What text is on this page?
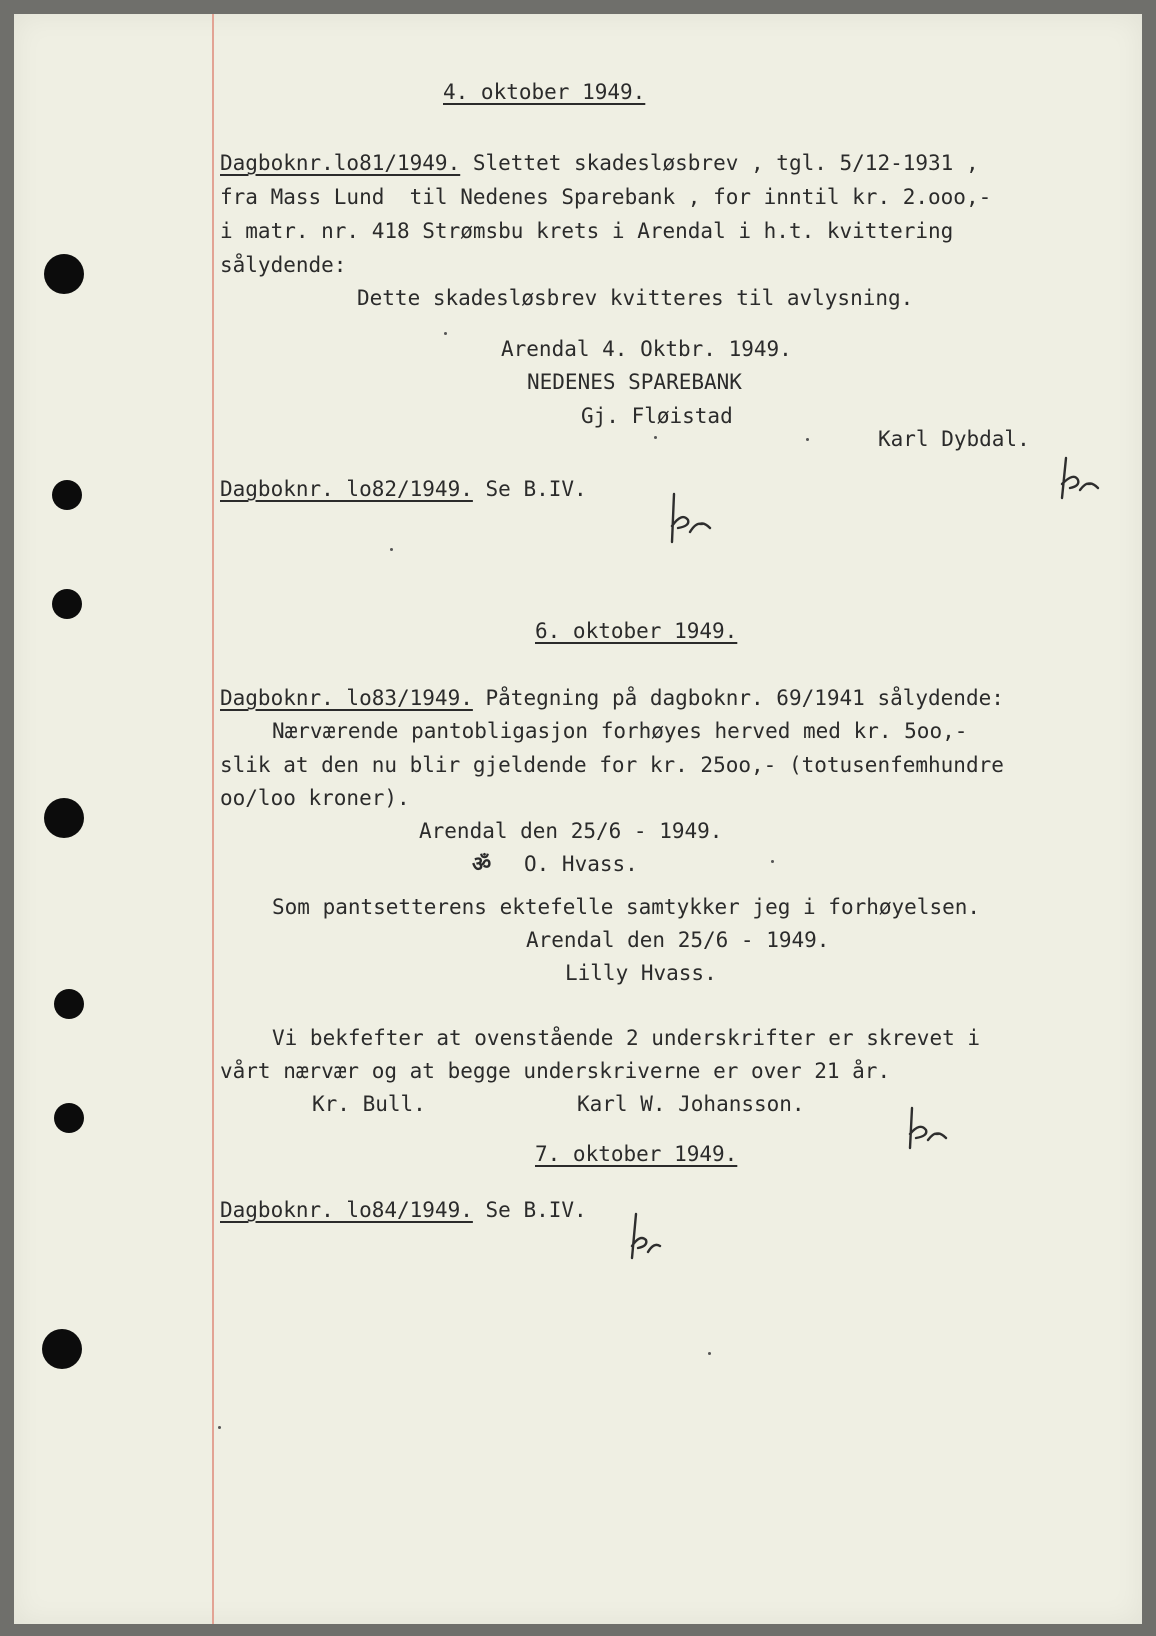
4. oktober 1949.
Dagboknr.lo81/1949. Slettet skadesløsbrev , tgl. 5/12-1931 ,
fra Mass Lund  til Nedenes Sparebank , for inntil kr. 2.ooo,-
i matr. nr. 418 Strømsbu krets i Arendal i h.t. kvittering
sålydende:
Dette skadesløsbrev kvitteres til avlysning.
Arendal 4. Oktbr. 1949.
NEDENES SPAREBANK
Gj. Fløistad
Karl Dybdal.
Dagboknr. lo82/1949. Se B.IV.
6. oktober 1949.
Dagboknr. lo83/1949. Påtegning på dagboknr. 69/1941 sålydende:
Nærværende pantobligasjon forhøyes herved med kr. 5oo,-
slik at den nu blir gjeldende for kr. 25oo,- (totusenfemhundre
oo/loo kroner).
Arendal den 25/6 - 1949.
ॐ O. Hvass.
Som pantsetterens ektefelle samtykker jeg i forhøyelsen.
Arendal den 25/6 - 1949.
Lilly Hvass.
Vi bekfefter at ovenstående 2 underskrifter er skrevet i
vårt nærvær og at begge underskriverne er over 21 år.
Kr. Bull.	Karl W. Johansson.
7. oktober 1949.
Dagboknr. lo84/1949. Se B.IV.
